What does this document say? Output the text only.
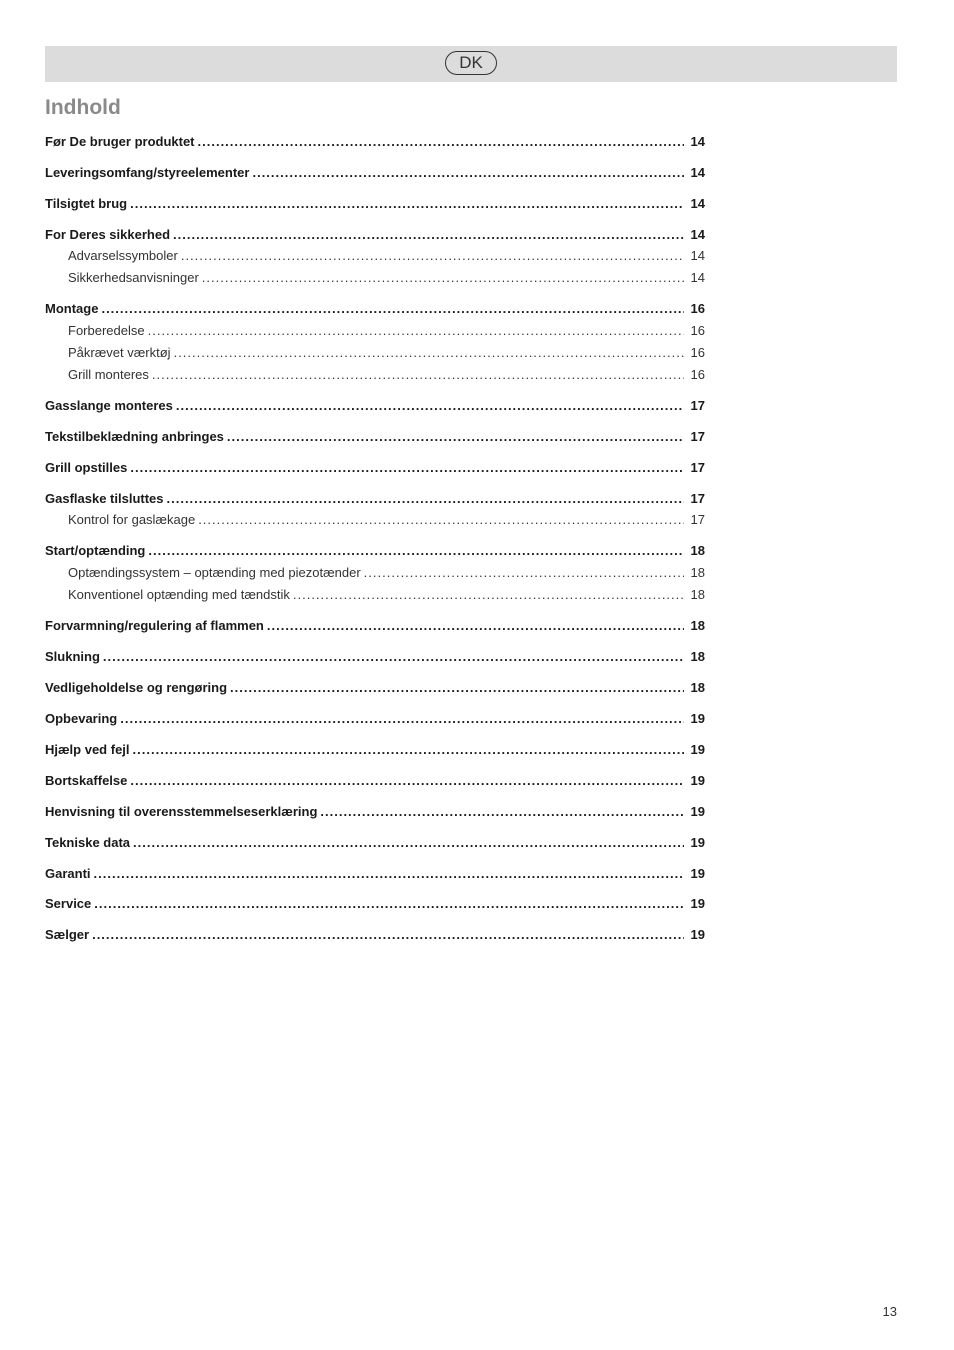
DK
Indhold
Før De bruger produktet .....	14
Leveringsomfang/styreelementer .....	14
Tilsigtet brug .....	14
For Deres sikkerhed .....	14
Advarselssymboler .....	14
Sikkerhedsanvisninger .....	14
Montage .....	16
Forberedelse .....	16
Påkrævet værktøj .....	16
Grill monteres .....	16
Gasslange monteres .....	17
Tekstilbeklædning anbringes .....	17
Grill opstilles .....	17
Gasflaske tilsluttes .....	17
Kontrol for gaslækage .....	17
Start/optænding .....	18
Optændingssystem – optænding med piezotænder .....	18
Konventionel optænding med tændstik .....	18
Forvarmning/regulering af flammen .....	18
Slukning .....	18
Vedligeholdelse og rengøring .....	18
Opbevaring .....	19
Hjælp ved fejl .....	19
Bortskaffelse .....	19
Henvisning til overensstemmelseserklæring .....	19
Tekniske data .....	19
Garanti .....	19
Service .....	19
Sælger .....	19
13
